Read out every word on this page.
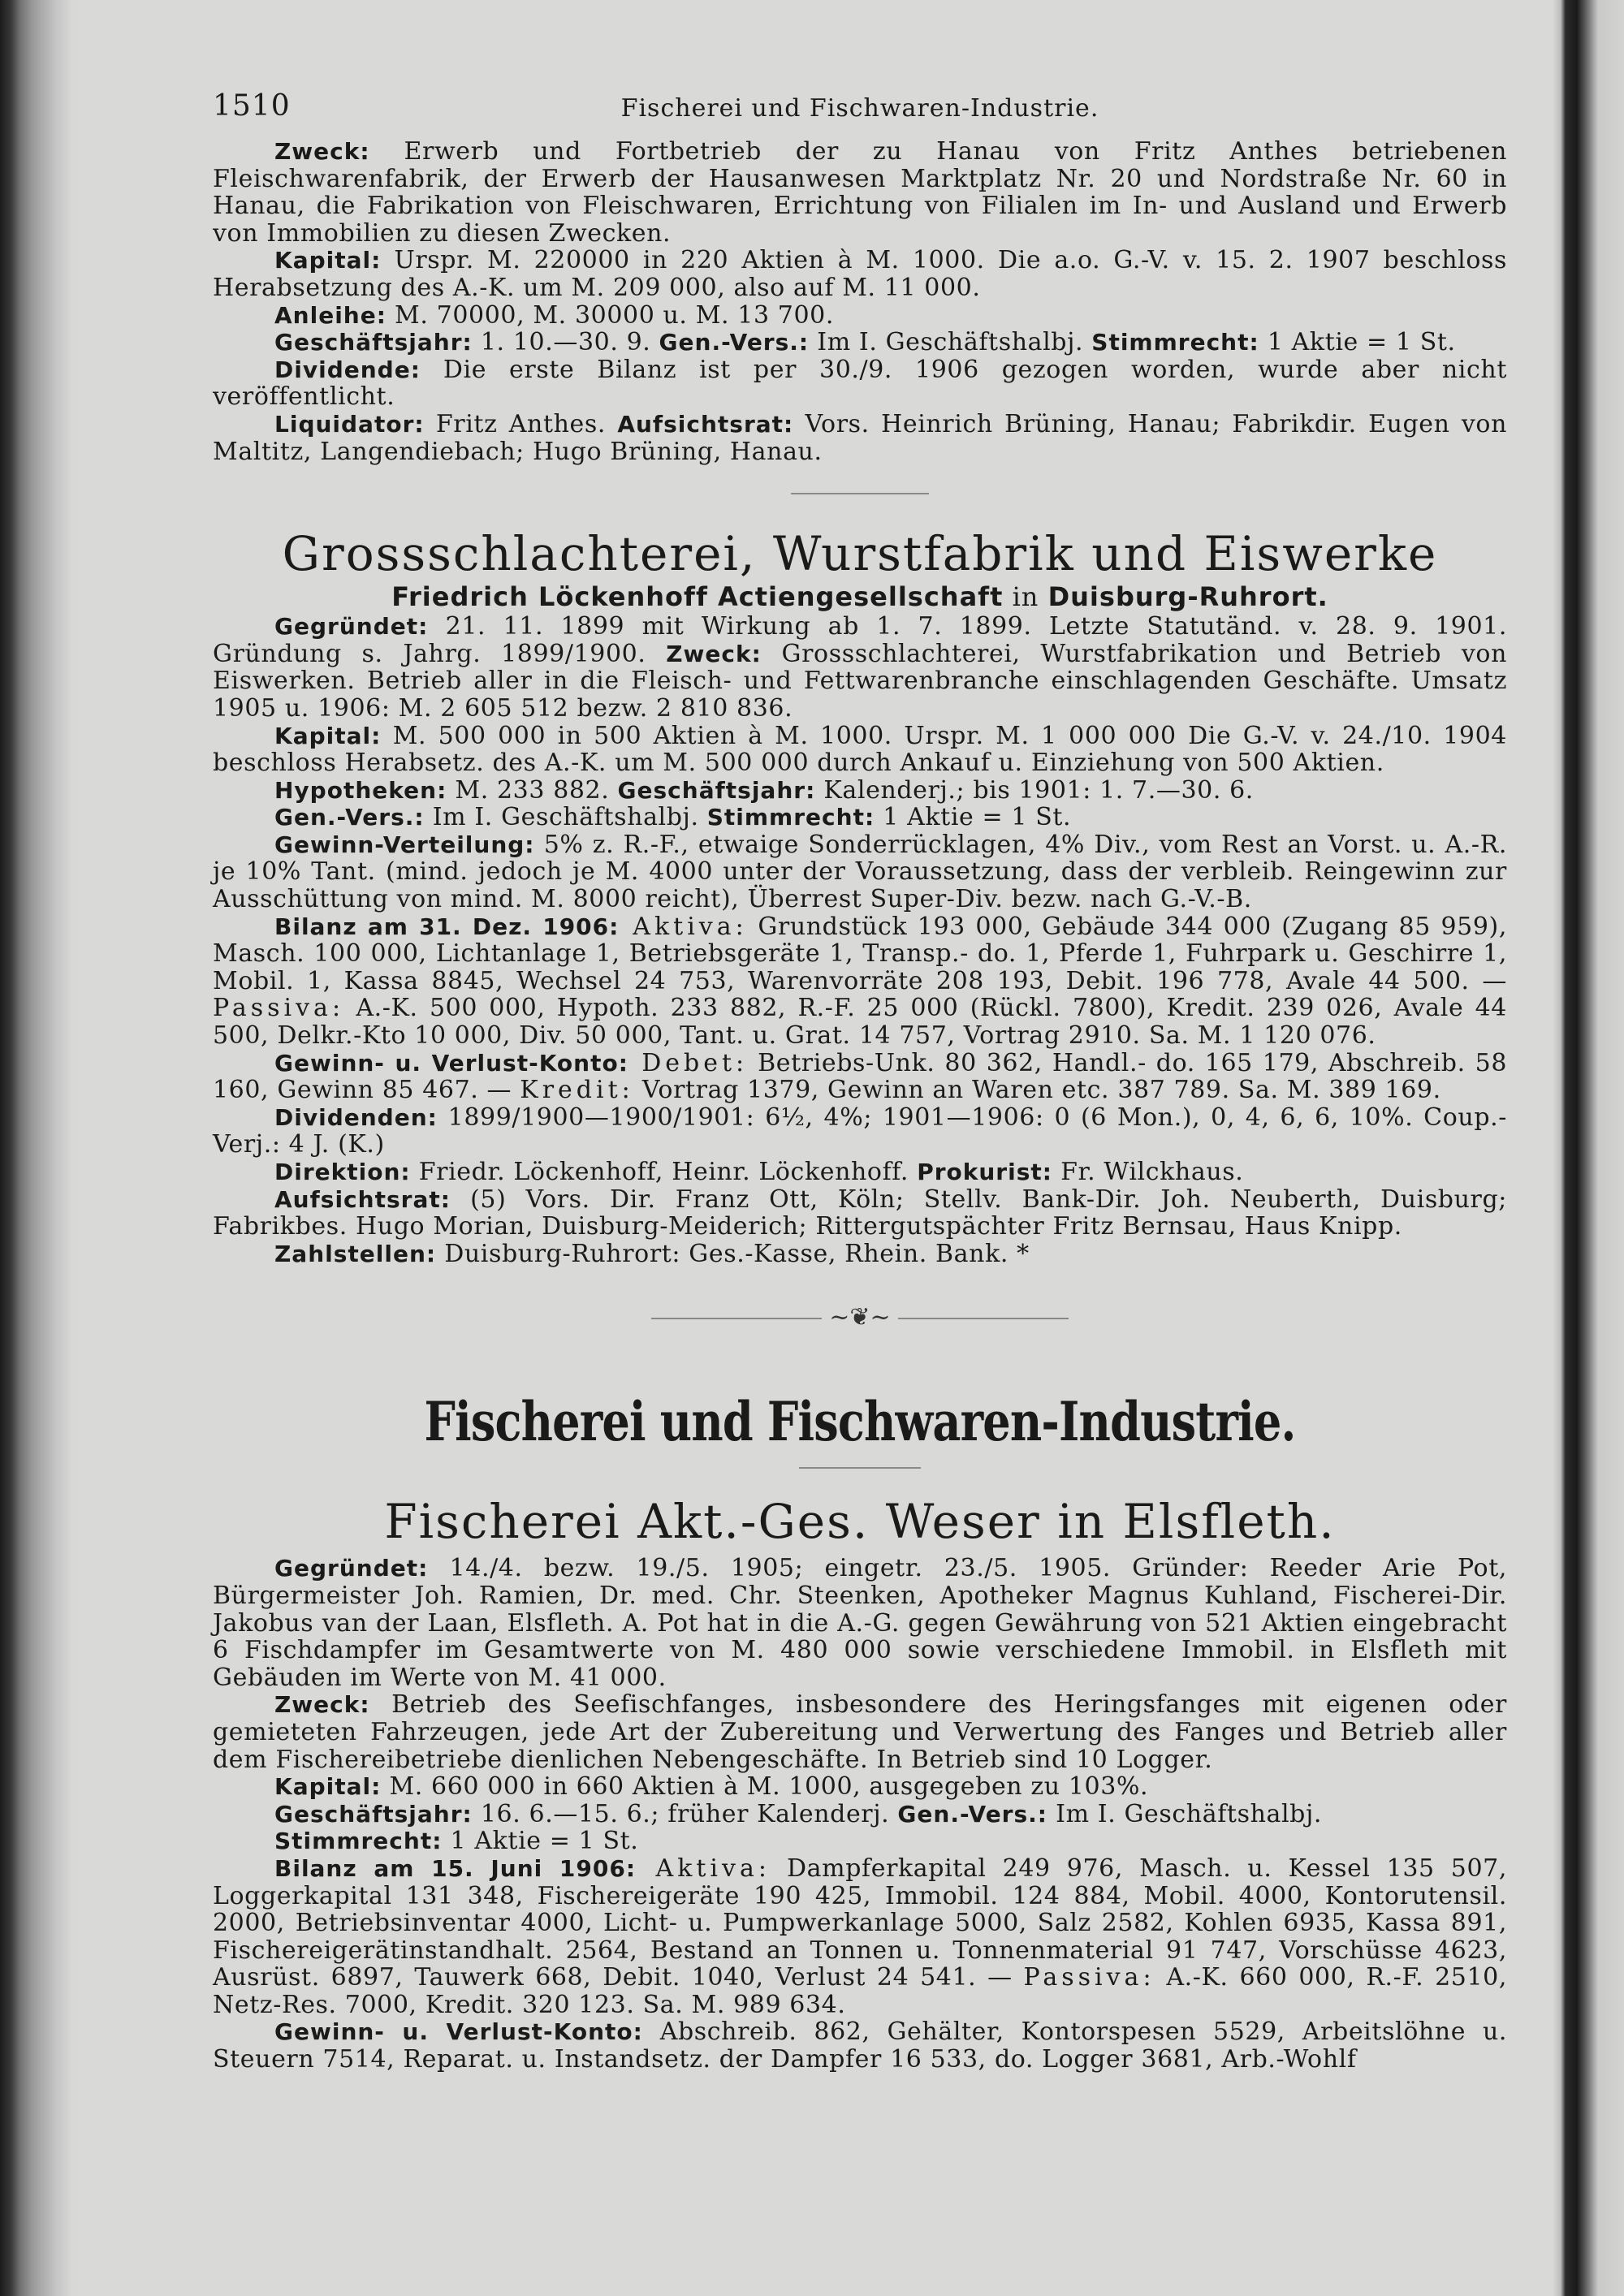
1510	Fischerei und Fischwaren-Industrie.

Zweck: Erwerb und Fortbetrieb der zu Hanau von Fritz Anthes betriebenen Fleischwarenfabrik, der Erwerb der Hausanwesen Marktplatz Nr. 20 und Nordstraße Nr. 60 in Hanau, die Fabrikation von Fleischwaren, Errichtung von Filialen im In- und Ausland und Erwerb von Immobilien zu diesen Zwecken.

Kapital: Urspr. M. 220000 in 220 Aktien à M. 1000. Die a.o. G.-V. v. 15. 2. 1907 beschloss Herabsetzung des A.-K. um M. 209 000, also auf M. 11 000.

Anleihe: M. 70000, M. 30000 u. M. 13 700.

Geschäftsjahr: 1. 10.—30. 9. Gen.-Vers.: Im I. Geschäftshalbj. Stimmrecht: 1 Aktie = 1 St.

Dividende: Die erste Bilanz ist per 30./9. 1906 gezogen worden, wurde aber nicht veröffentlicht.

Liquidator: Fritz Anthes. Aufsichtsrat: Vors. Heinrich Brüning, Hanau; Fabrikdir. Eugen von Maltitz, Langendiebach; Hugo Brüning, Hanau.

Grossschlachterei, Wurstfabrik und Eiswerke

Friedrich Löckenhoff Actiengesellschaft in Duisburg-Ruhrort.

Gegründet: 21. 11. 1899 mit Wirkung ab 1. 7. 1899. Letzte Statutänd. v. 28. 9. 1901. Gründung s. Jahrg. 1899/1900. Zweck: Grossschlachterei, Wurstfabrikation und Betrieb von Eiswerken. Betrieb aller in die Fleisch- und Fettwarenbranche einschlagenden Geschäfte. Umsatz 1905 u. 1906: M. 2 605 512 bezw. 2 810 836.

Kapital: M. 500 000 in 500 Aktien à M. 1000. Urspr. M. 1 000 000 Die G.-V. v. 24./10. 1904 beschloss Herabsetz. des A.-K. um M. 500 000 durch Ankauf u. Einziehung von 500 Aktien.

Hypotheken: M. 233 882. Geschäftsjahr: Kalenderj.; bis 1901: 1. 7.—30. 6.

Gen.-Vers.: Im I. Geschäftshalbj. Stimmrecht: 1 Aktie = 1 St.

Gewinn-Verteilung: 5% z. R.-F., etwaige Sonderrücklagen, 4% Div., vom Rest an Vorst. u. A.-R. je 10% Tant. (mind. jedoch je M. 4000 unter der Voraussetzung, dass der verbleib. Reingewinn zur Ausschüttung von mind. M. 8000 reicht), Überrest Super-Div. bezw. nach G.-V.-B.

Bilanz am 31. Dez. 1906: Aktiva: Grundstück 193 000, Gebäude 344 000 (Zugang 85 959), Masch. 100 000, Lichtanlage 1, Betriebsgeräte 1, Transp.- do. 1, Pferde 1, Fuhrpark u. Geschirre 1, Mobil. 1, Kassa 8845, Wechsel 24 753, Warenvorräte 208 193, Debit. 196 778, Avale 44 500. — Passiva: A.-K. 500 000, Hypoth. 233 882, R.-F. 25 000 (Rückl. 7800), Kredit. 239 026, Avale 44 500, Delkr.-Kto 10 000, Div. 50 000, Tant. u. Grat. 14 757, Vortrag 2910. Sa. M. 1 120 076.

Gewinn- u. Verlust-Konto: Debet: Betriebs-Unk. 80 362, Handl.- do. 165 179, Abschreib. 58 160, Gewinn 85 467. — Kredit: Vortrag 1379, Gewinn an Waren etc. 387 789. Sa. M. 389 169.

Dividenden: 1899/1900—1900/1901: 6½, 4%; 1901—1906: 0 (6 Mon.), 0, 4, 6, 6, 10%. Coup.-Verj.: 4 J. (K.)

Direktion: Friedr. Löckenhoff, Heinr. Löckenhoff. Prokurist: Fr. Wilckhaus.

Aufsichtsrat: (5) Vors. Dir. Franz Ott, Köln; Stellv. Bank-Dir. Joh. Neuberth, Duisburg; Fabrikbes. Hugo Morian, Duisburg-Meiderich; Rittergutspächter Fritz Bernsau, Haus Knipp.

Zahlstellen: Duisburg-Ruhrort: Ges.-Kasse, Rhein. Bank. *

~❦~

Fischerei und Fischwaren-Industrie.

Fischerei Akt.-Ges. Weser in Elsfleth.

Gegründet: 14./4. bezw. 19./5. 1905; eingetr. 23./5. 1905. Gründer: Reeder Arie Pot, Bürgermeister Joh. Ramien, Dr. med. Chr. Steenken, Apotheker Magnus Kuhland, Fischerei-Dir. Jakobus van der Laan, Elsfleth. A. Pot hat in die A.-G. gegen Gewährung von 521 Aktien eingebracht 6 Fischdampfer im Gesamtwerte von M. 480 000 sowie verschiedene Immobil. in Elsfleth mit Gebäuden im Werte von M. 41 000.

Zweck: Betrieb des Seefischfanges, insbesondere des Heringsfanges mit eigenen oder gemieteten Fahrzeugen, jede Art der Zubereitung und Verwertung des Fanges und Betrieb aller dem Fischereibetriebe dienlichen Nebengeschäfte. In Betrieb sind 10 Logger.

Kapital: M. 660 000 in 660 Aktien à M. 1000, ausgegeben zu 103%.

Geschäftsjahr: 16. 6.—15. 6.; früher Kalenderj. Gen.-Vers.: Im I. Geschäftshalbj.

Stimmrecht: 1 Aktie = 1 St.

Bilanz am 15. Juni 1906: Aktiva: Dampferkapital 249 976, Masch. u. Kessel 135 507, Loggerkapital 131 348, Fischereigeräte 190 425, Immobil. 124 884, Mobil. 4000, Kontorutensil. 2000, Betriebsinventar 4000, Licht- u. Pumpwerkanlage 5000, Salz 2582, Kohlen 6935, Kassa 891, Fischereigerätinstandhalt. 2564, Bestand an Tonnen u. Tonnenmaterial 91 747, Vorschüsse 4623, Ausrüst. 6897, Tauwerk 668, Debit. 1040, Verlust 24 541. — Passiva: A.-K. 660 000, R.-F. 2510, Netz-Res. 7000, Kredit. 320 123. Sa. M. 989 634.

Gewinn- u. Verlust-Konto: Abschreib. 862, Gehälter, Kontorspesen 5529, Arbeitslöhne u. Steuern 7514, Reparat. u. Instandsetz. der Dampfer 16 533, do. Logger 3681, Arb.-Wohlf
